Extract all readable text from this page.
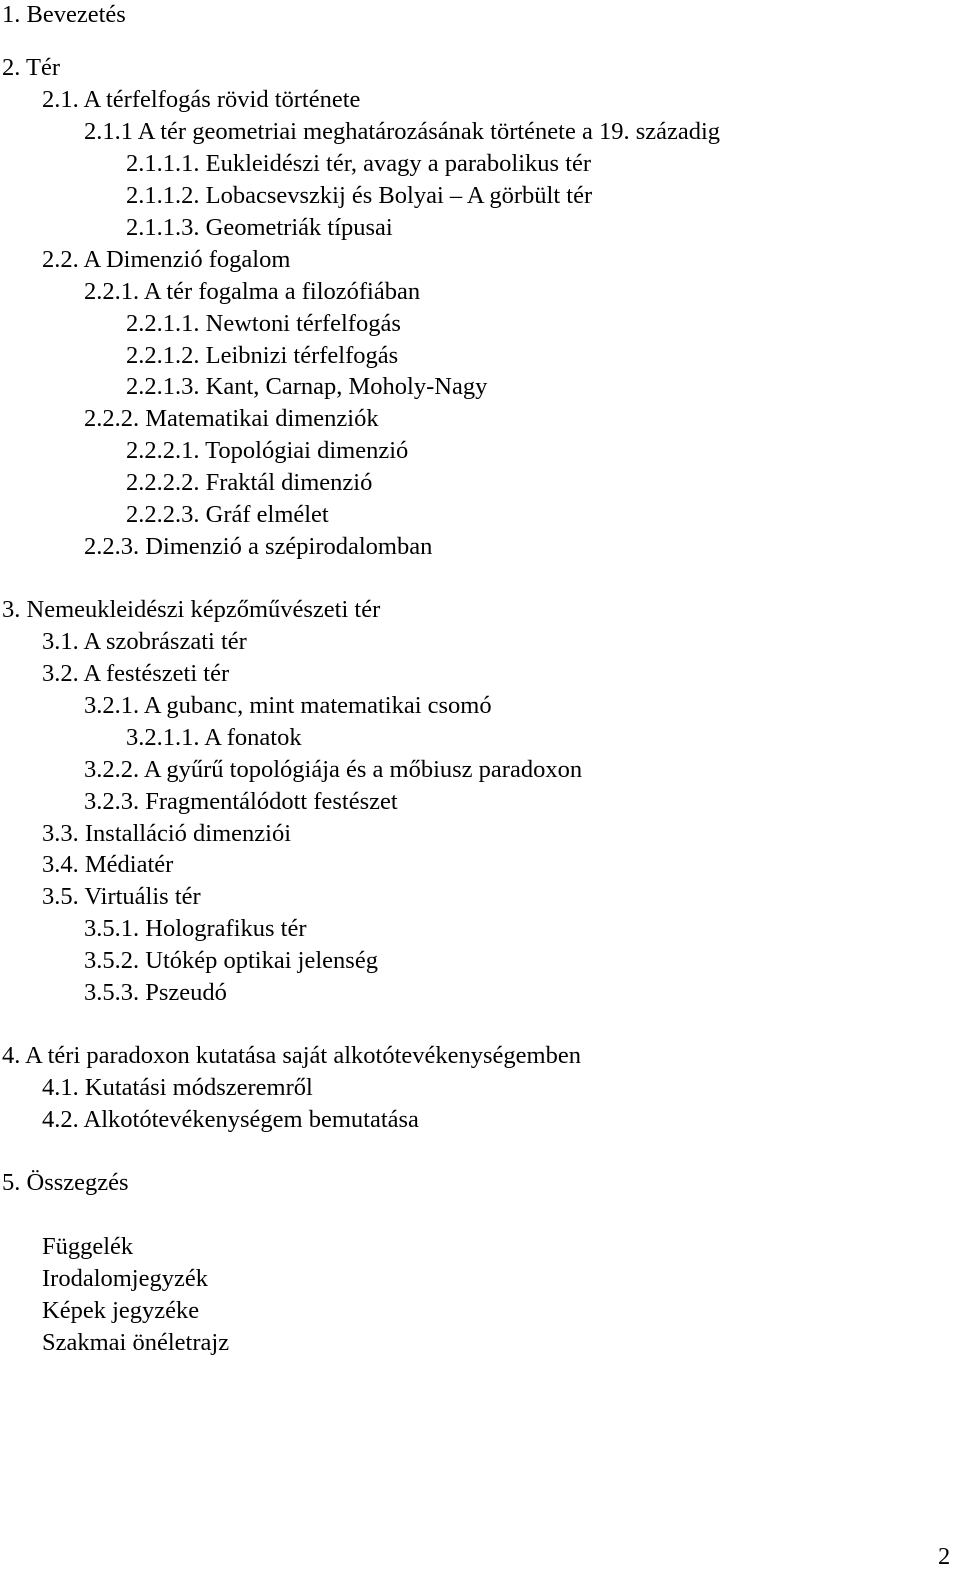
1. Bevezetés
2. Tér
2.1. A térfelfogás rövid története
2.1.1 A tér geometriai meghatározásának története a 19. századig
2.1.1.1. Eukleidészi tér, avagy a parabolikus tér
2.1.1.2. Lobacsevszkij és Bolyai – A görbült tér
2.1.1.3. Geometriák típusai
2.2. A Dimenzió fogalom
2.2.1. A tér fogalma a filozófiában
2.2.1.1. Newtoni térfelfogás
2.2.1.2. Leibnizi térfelfogás
2.2.1.3. Kant, Carnap, Moholy-Nagy
2.2.2. Matematikai dimenziók
2.2.2.1. Topológiai dimenzió
2.2.2.2. Fraktál dimenzió
2.2.2.3. Gráf elmélet
2.2.3. Dimenzió a szépirodalomban
3. Nemeukleidészi képzőművészeti tér
3.1. A szobrászati tér
3.2. A festészeti tér
3.2.1. A gubanc, mint matematikai csomó
3.2.1.1. A fonatok
3.2.2. A gyűrű topológiája és a mőbiusz paradoxon
3.2.3. Fragmentálódott festészet
3.3. Installáció dimenziói
3.4. Médiatér
3.5. Virtuális tér
3.5.1. Holografikus tér
3.5.2. Utókép optikai jelenség
3.5.3. Pszeudó
4. A téri paradoxon kutatása saját alkotótevékenységemben
4.1. Kutatási módszeremről
4.2. Alkotótevékenységem bemutatása
5. Összegzés
Függelék
Irodalomjegyzék
Képek jegyzéke
Szakmai önéletrajz
2
